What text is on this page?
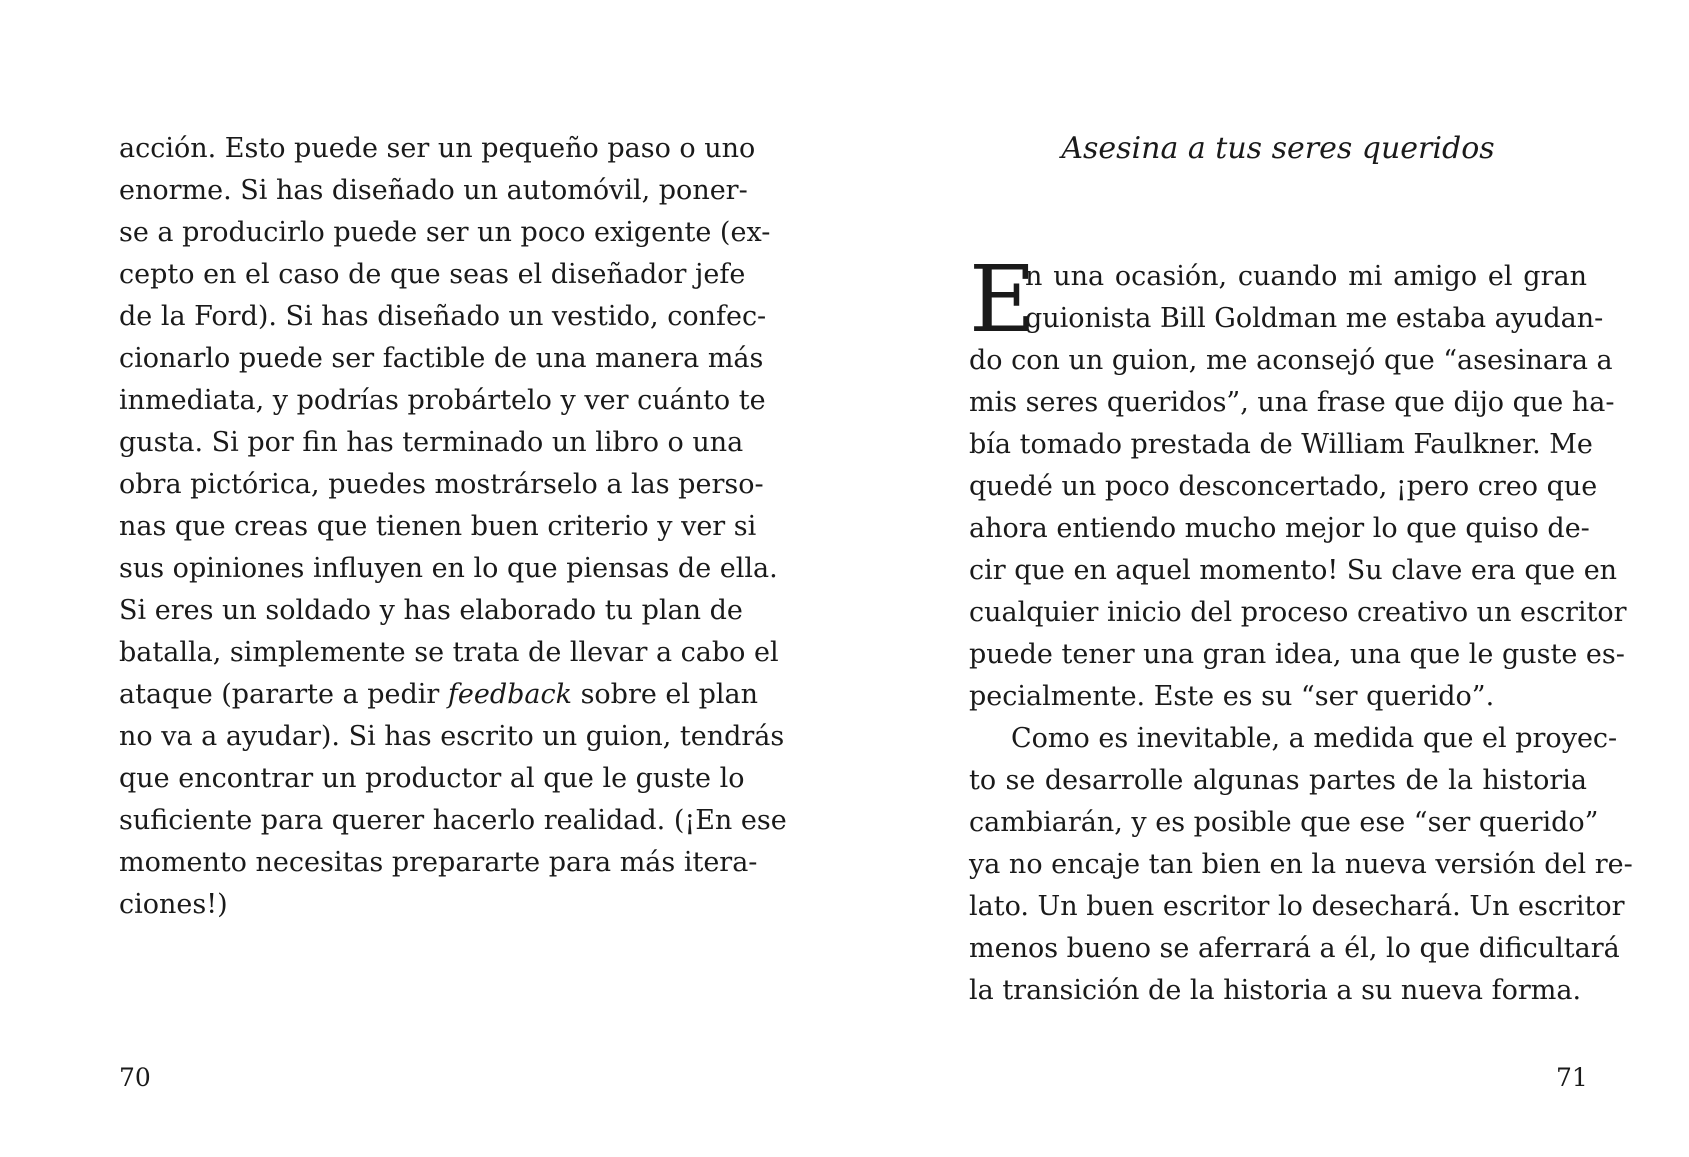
acción. Esto puede ser un pequeño paso o uno
enorme. Si has diseñado un automóvil, poner-
se a producirlo puede ser un poco exigente (ex-
cepto en el caso de que seas el diseñador jefe
de la Ford). Si has diseñado un vestido, confec-
cionarlo puede ser factible de una manera más
inmediata, y podrías probártelo y ver cuánto te
gusta. Si por fin has terminado un libro o una
obra pictórica, puedes mostrárselo a las perso-
nas que creas que tienen buen criterio y ver si
sus opiniones influyen en lo que piensas de ella.
Si eres un soldado y has elaborado tu plan de
batalla, simplemente se trata de llevar a cabo el
ataque (pararte a pedir feedback sobre el plan
no va a ayudar). Si has escrito un guion, tendrás
que encontrar un productor al que le guste lo
suficiente para querer hacerlo realidad. (¡En ese
momento necesitas prepararte para más itera-
ciones!)
Asesina a tus seres queridos
E
n una ocasión, cuando mi amigo el gran
guionista Bill Goldman me estaba ayudan-
do con un guion, me aconsejó que “asesinara a
mis seres queridos”, una frase que dijo que ha-
bía tomado prestada de William Faulkner. Me
quedé un poco desconcertado, ¡pero creo que
ahora entiendo mucho mejor lo que quiso de-
cir que en aquel momento! Su clave era que en
cualquier inicio del proceso creativo un escritor
puede tener una gran idea, una que le guste es-
pecialmente. Este es su “ser querido”.
Como es inevitable, a medida que el proyec-
to se desarrolle algunas partes de la historia
cambiarán, y es posible que ese “ser querido”
ya no encaje tan bien en la nueva versión del re-
lato. Un buen escritor lo desechará. Un escritor
menos bueno se aferrará a él, lo que dificultará
la transición de la historia a su nueva forma.
70	71
